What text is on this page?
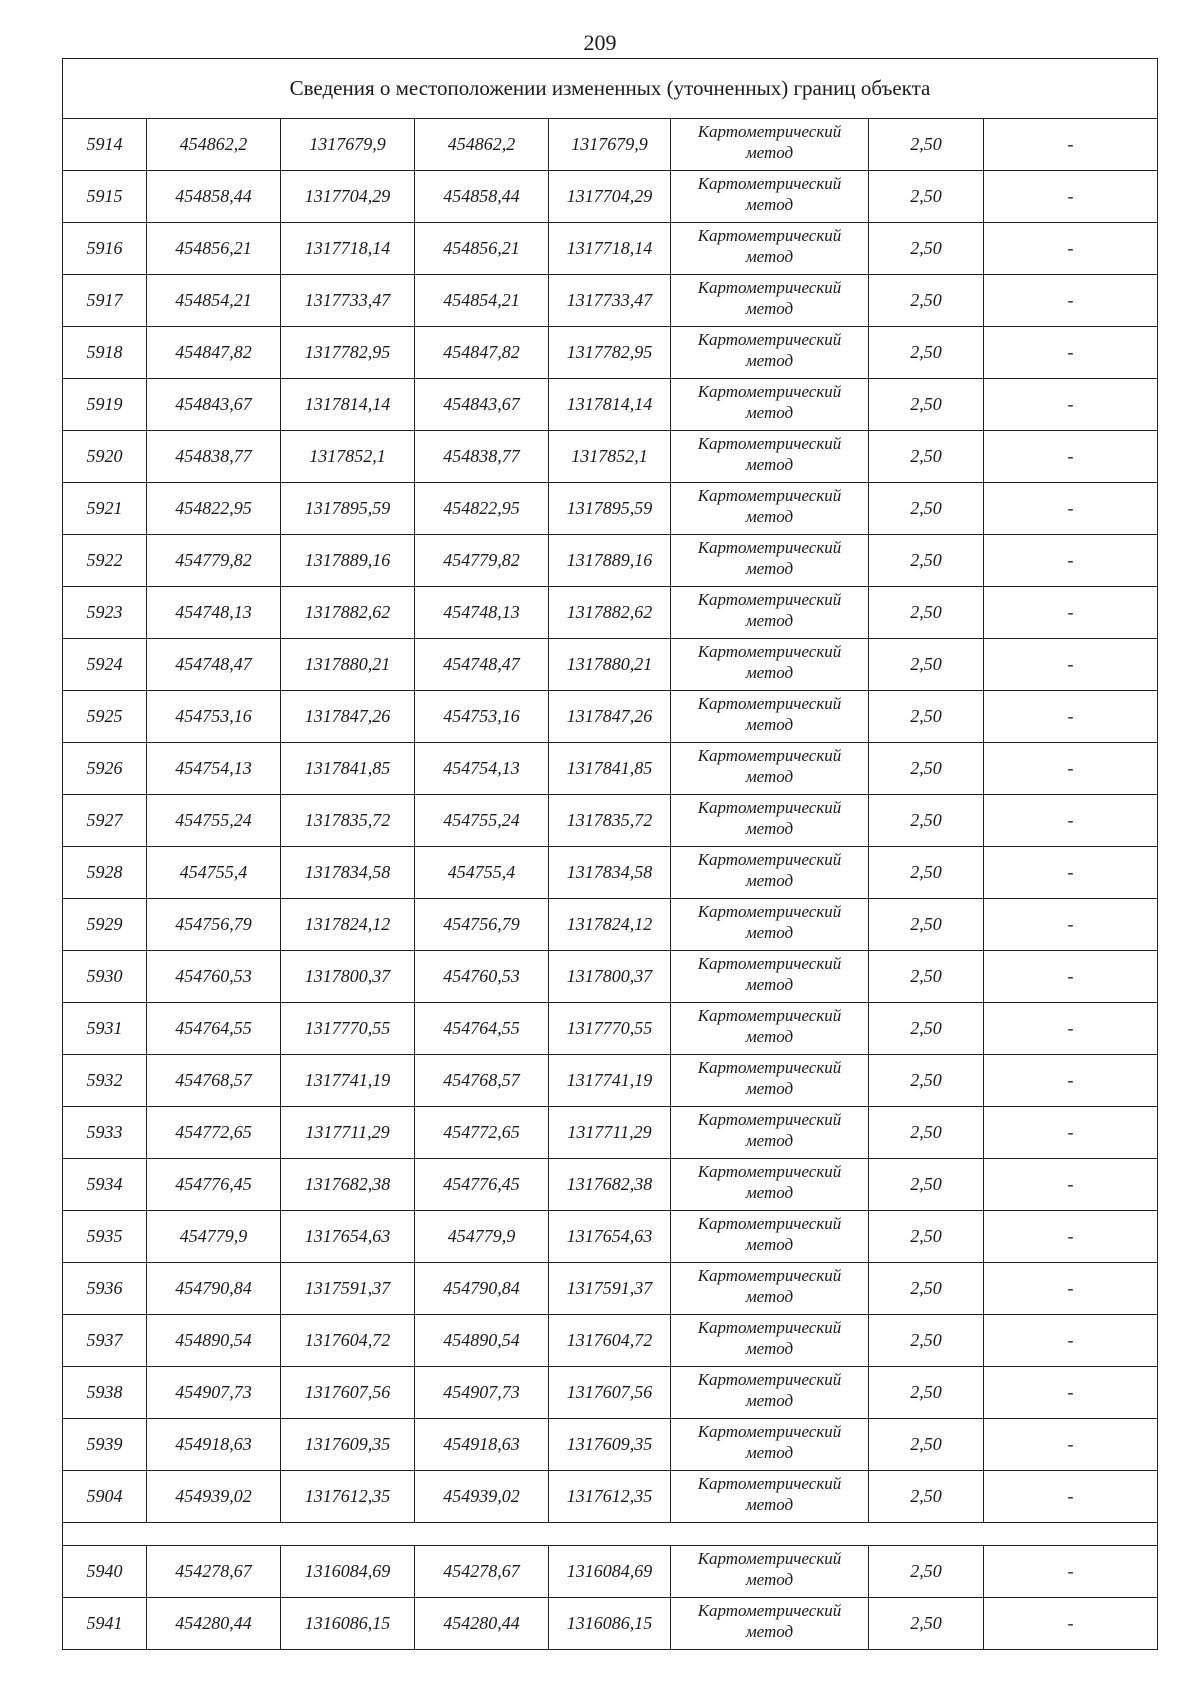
209
Сведения о местоположении измененных (уточненных) границ объекта							
5914	454862,2	1317679,9	454862,2	1317679,9	Картометрический
метод	2,50	-
5915	454858,44	1317704,29	454858,44	1317704,29	Картометрический
метод	2,50	-
5916	454856,21	1317718,14	454856,21	1317718,14	Картометрический
метод	2,50	-
5917	454854,21	1317733,47	454854,21	1317733,47	Картометрический
метод	2,50	-
5918	454847,82	1317782,95	454847,82	1317782,95	Картометрический
метод	2,50	-
5919	454843,67	1317814,14	454843,67	1317814,14	Картометрический
метод	2,50	-
5920	454838,77	1317852,1	454838,77	1317852,1	Картометрический
метод	2,50	-
5921	454822,95	1317895,59	454822,95	1317895,59	Картометрический
метод	2,50	-
5922	454779,82	1317889,16	454779,82	1317889,16	Картометрический
метод	2,50	-
5923	454748,13	1317882,62	454748,13	1317882,62	Картометрический
метод	2,50	-
5924	454748,47	1317880,21	454748,47	1317880,21	Картометрический
метод	2,50	-
5925	454753,16	1317847,26	454753,16	1317847,26	Картометрический
метод	2,50	-
5926	454754,13	1317841,85	454754,13	1317841,85	Картометрический
метод	2,50	-
5927	454755,24	1317835,72	454755,24	1317835,72	Картометрический
метод	2,50	-
5928	454755,4	1317834,58	454755,4	1317834,58	Картометрический
метод	2,50	-
5929	454756,79	1317824,12	454756,79	1317824,12	Картометрический
метод	2,50	-
5930	454760,53	1317800,37	454760,53	1317800,37	Картометрический
метод	2,50	-
5931	454764,55	1317770,55	454764,55	1317770,55	Картометрический
метод	2,50	-
5932	454768,57	1317741,19	454768,57	1317741,19	Картометрический
метод	2,50	-
5933	454772,65	1317711,29	454772,65	1317711,29	Картометрический
метод	2,50	-
5934	454776,45	1317682,38	454776,45	1317682,38	Картометрический
метод	2,50	-
5935	454779,9	1317654,63	454779,9	1317654,63	Картометрический
метод	2,50	-
5936	454790,84	1317591,37	454790,84	1317591,37	Картометрический
метод	2,50	-
5937	454890,54	1317604,72	454890,54	1317604,72	Картометрический
метод	2,50	-
5938	454907,73	1317607,56	454907,73	1317607,56	Картометрический
метод	2,50	-
5939	454918,63	1317609,35	454918,63	1317609,35	Картометрический
метод	2,50	-
5904	454939,02	1317612,35	454939,02	1317612,35	Картометрический
метод	2,50	-

5940	454278,67	1316084,69	454278,67	1316084,69	Картометрический
метод	2,50	-
5941	454280,44	1316086,15	454280,44	1316086,15	Картометрический
метод	2,50	-
